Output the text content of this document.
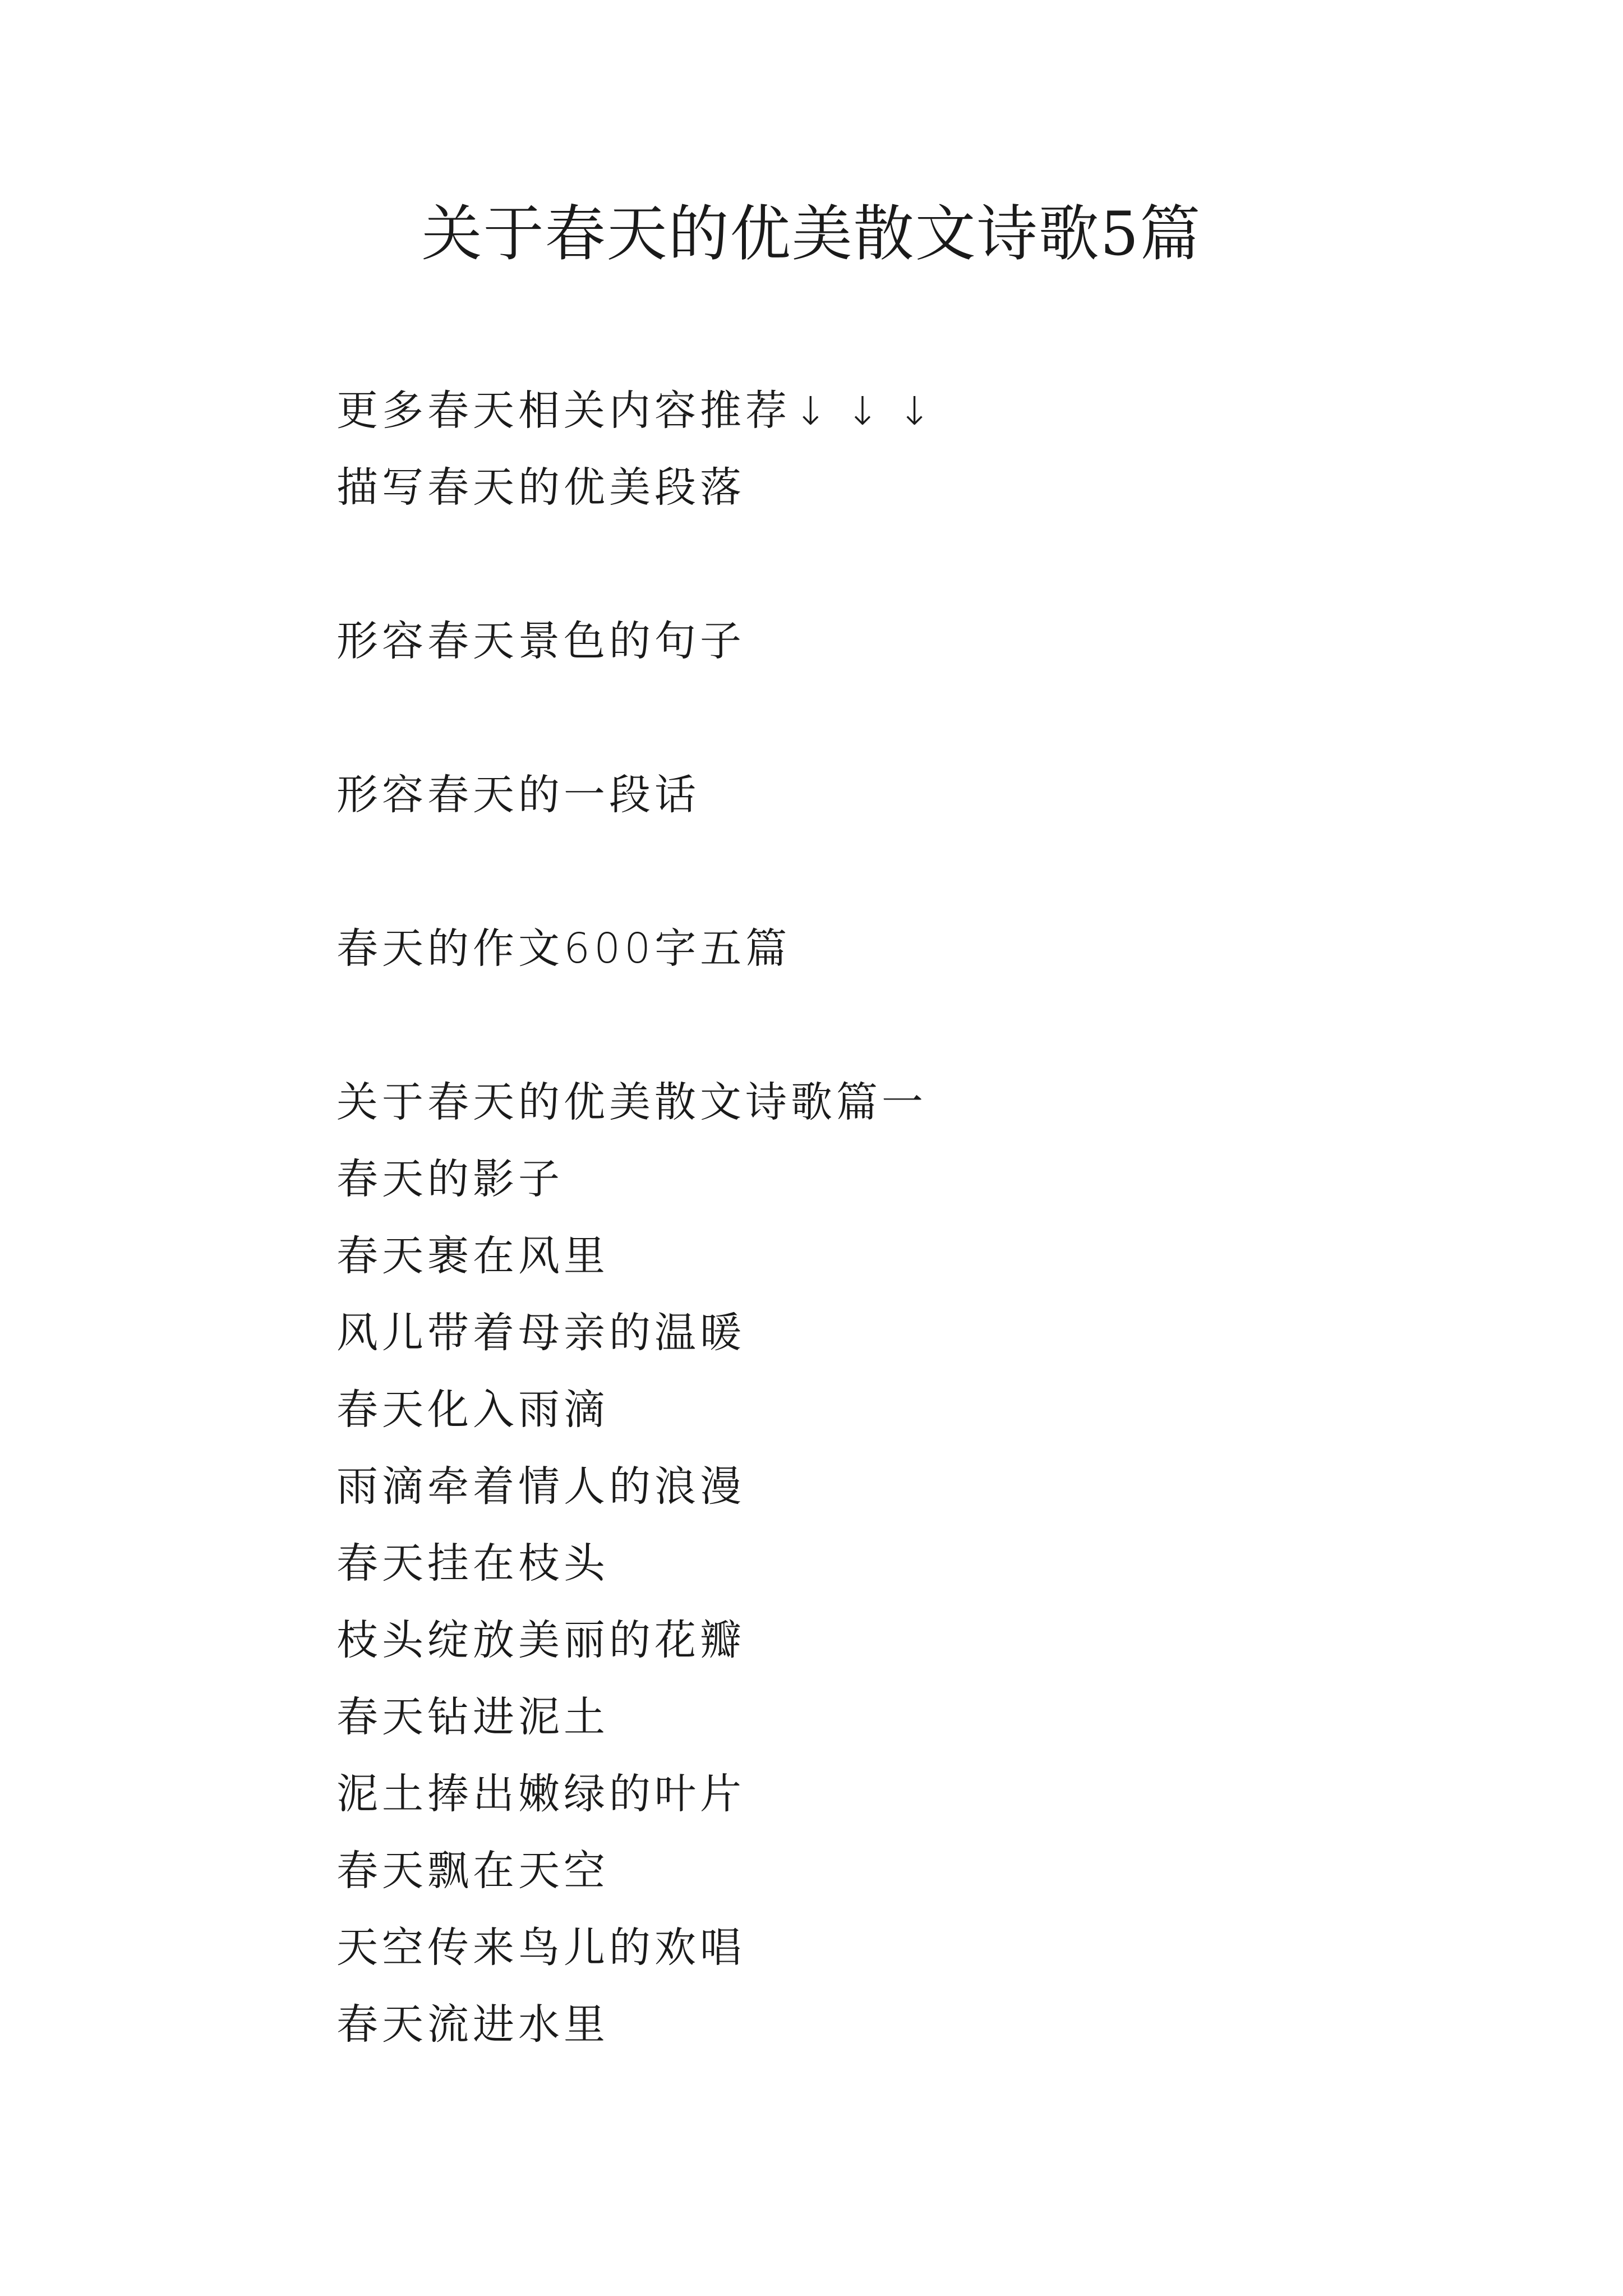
关于春天的优美散文诗歌5篇
更多春天相关内容推荐↓↓↓
描写春天的优美段落
形容春天景色的句子
形容春天的一段话
春天的作文600字五篇
关于春天的优美散文诗歌篇一
春天的影子
春天裹在风里
风儿带着母亲的温暖
春天化入雨滴
雨滴牵着情人的浪漫
春天挂在枝头
枝头绽放美丽的花瓣
春天钻进泥土
泥土捧出嫩绿的叶片
春天飘在天空
天空传来鸟儿的欢唱
春天流进水里
